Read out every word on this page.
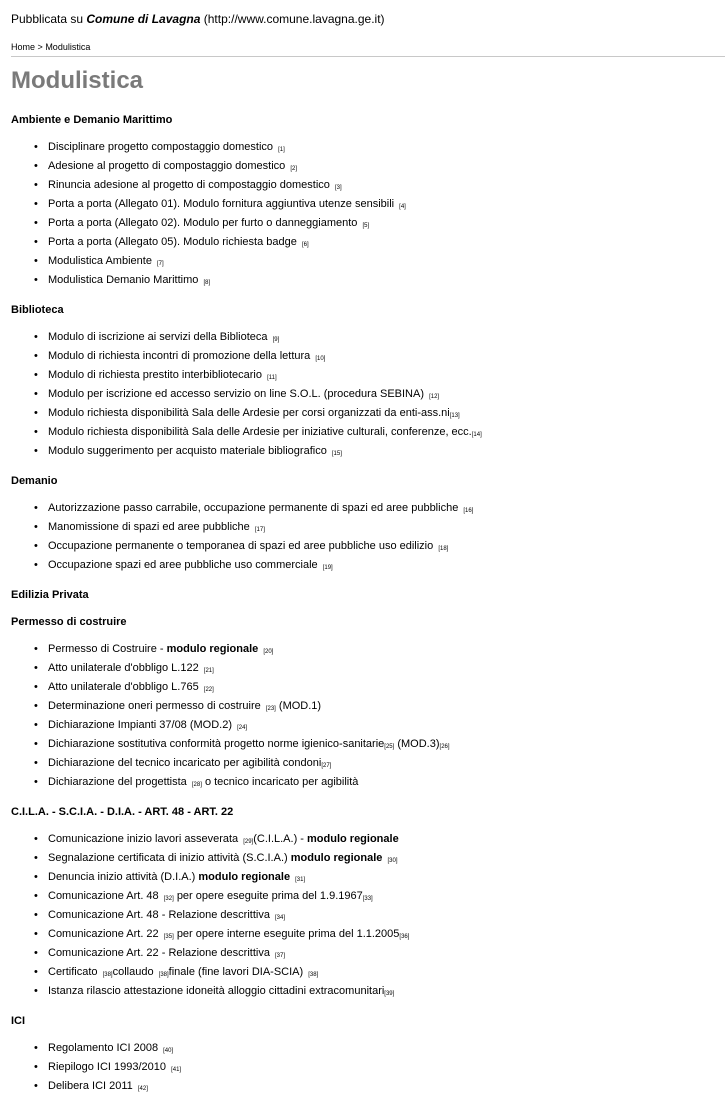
Pubblicata su Comune di Lavagna (http://www.comune.lavagna.ge.it)
Home > Modulistica
Modulistica
Ambiente e Demanio Marittimo
• Disciplinare progetto compostaggio domestico [1]
• Adesione al progetto di compostaggio domestico [2]
• Rinuncia adesione al progetto di compostaggio domestico [3]
• Porta a porta (Allegato 01). Modulo fornitura aggiuntiva utenze sensibili [4]
• Porta a porta (Allegato 02). Modulo per furto o danneggiamento [5]
• Porta a porta (Allegato 05). Modulo richiesta badge [6]
• Modulistica Ambiente [7]
• Modulistica Demanio Marittimo [8]
Biblioteca
• Modulo di iscrizione ai servizi della Biblioteca [9]
• Modulo di richiesta incontri di promozione della lettura [10]
• Modulo di richiesta prestito interbibliotecario [11]
• Modulo per iscrizione ed accesso servizio on line S.O.L. (procedura SEBINA) [12]
• Modulo richiesta disponibilità Sala delle Ardesie per corsi organizzati da enti-ass.ni[13]
• Modulo richiesta disponibilità Sala delle Ardesie per iniziative culturali, conferenze, ecc.[14]
• Modulo suggerimento per acquisto materiale bibliografico [15]
Demanio
• Autorizzazione passo carrabile, occupazione permanente di spazi ed aree pubbliche [16]
• Manomissione di spazi ed aree pubbliche [17]
• Occupazione permanente o temporanea di spazi ed aree pubbliche uso edilizio [18]
• Occupazione spazi ed aree pubbliche uso commerciale [19]
Edilizia Privata
Permesso di costruire
• Permesso di Costruire - modulo regionale [20]
• Atto unilaterale d'obbligo L.122 [21]
• Atto unilaterale d'obbligo L.765 [22]
• Determinazione oneri permesso di costruire [23] (MOD.1)
• Dichiarazione Impianti 37/08 (MOD.2) [24]
• Dichiarazione sostitutiva conformità progetto norme igienico-sanitarie[25] (MOD.3)[26]
• Dichiarazione del tecnico incaricato per agibilità condoni[27]
• Dichiarazione del progettista [28] o tecnico incaricato per agibilità
C.I.L.A. - S.C.I.A. - D.I.A. - ART. 48 - ART. 22
• Comunicazione inizio lavori asseverata [29](C.I.L.A.) - modulo regionale
• Segnalazione certificata di inizio attività (S.C.I.A.) modulo regionale [30]
• Denuncia inizio attività (D.I.A.) modulo regionale [31]
• Comunicazione Art. 48 [32] per opere eseguite prima del 1.9.1967[33]
• Comunicazione Art. 48 - Relazione descrittiva [34]
• Comunicazione Art. 22 [35] per opere interne eseguite prima del 1.1.2005[36]
• Comunicazione Art. 22 - Relazione descrittiva [37]
• Certificato [38]collaudo [38]finale (fine lavori DIA-SCIA) [38]
• Istanza rilascio attestazione idoneità alloggio cittadini extracomunitari[39]
ICI
• Regolamento ICI 2008 [40]
• Riepilogo ICI 1993/2010 [41]
• Delibera ICI 2011 [42]
